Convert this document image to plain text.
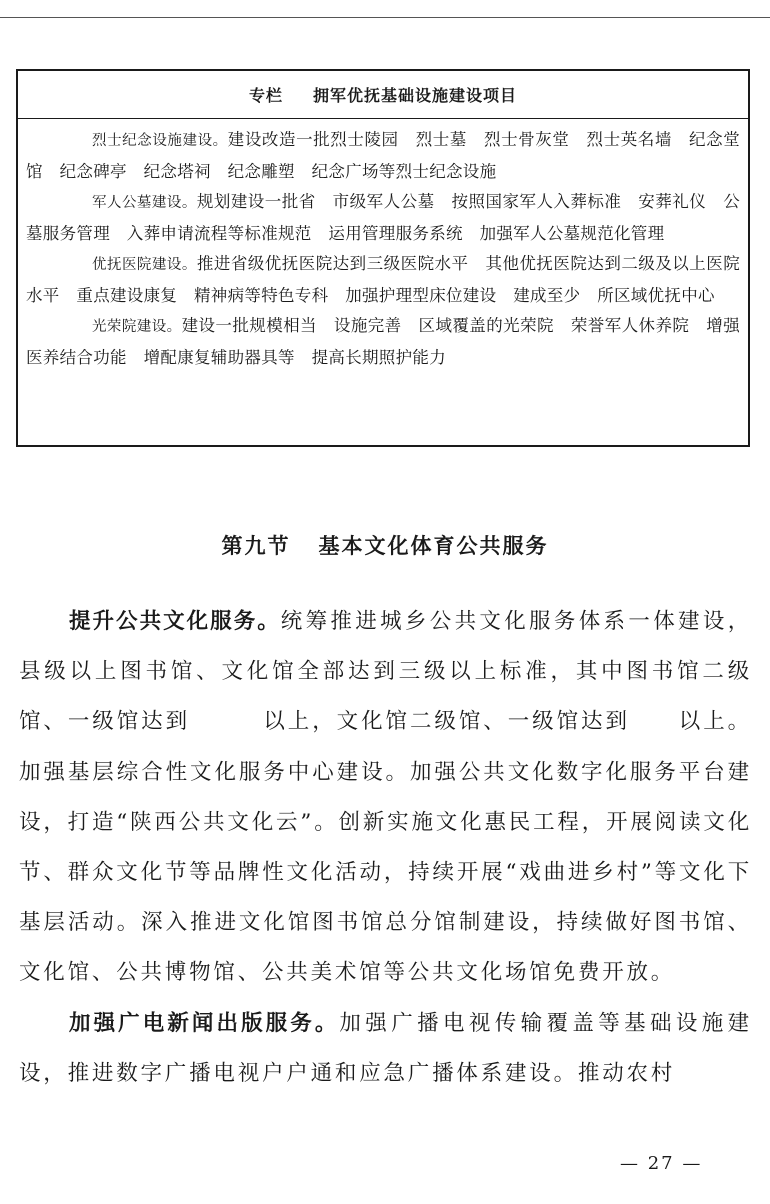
专栏 拥军优抚基础设施建设项目

烈士纪念设施建设。建设改造一批烈士陵园　烈士墓　烈士骨灰堂　烈士英名墙　纪念堂馆　纪念碑亭　纪念塔祠　纪念雕塑　纪念广场等烈士纪念设施

军人公墓建设。规划建设一批省　市级军人公墓　按照国家军人入葬标准　安葬礼仪　公墓服务管理　入葬申请流程等标准规范　运用管理服务系统　加强军人公墓规范化管理

优抚医院建设。推进省级优抚医院达到三级医院水平　其他优抚医院达到二级及以上医院水平　重点建设康复　精神病等特色专科　加强护理型床位建设　建成至少　所区域优抚中心

光荣院建设。建设一批规模相当　设施完善　区域覆盖的光荣院　荣誉军人休养院　增强医养结合功能　增配康复辅助器具等　提高长期照护能力

第九节 基本文化体育公共服务

提升公共文化服务。统筹推进城乡公共文化服务体系一体建设，县级以上图书馆、文化馆全部达到三级以上标准，其中图书馆二级馆、一级馆达到　　　以上，文化馆二级馆、一级馆达到　　以上。加强基层综合性文化服务中心建设。加强公共文化数字化服务平台建设，打造“陕西公共文化云”。创新实施文化惠民工程，开展阅读文化节、群众文化节等品牌性文化活动，持续开展“戏曲进乡村”等文化下基层活动。深入推进文化馆图书馆总分馆制建设，持续做好图书馆、文化馆、公共博物馆、公共美术馆等公共文化场馆免费开放。

加强广电新闻出版服务。加强广播电视传输覆盖等基础设施建设，推进数字广播电视户户通和应急广播体系建设。推动农村

— 27 —
